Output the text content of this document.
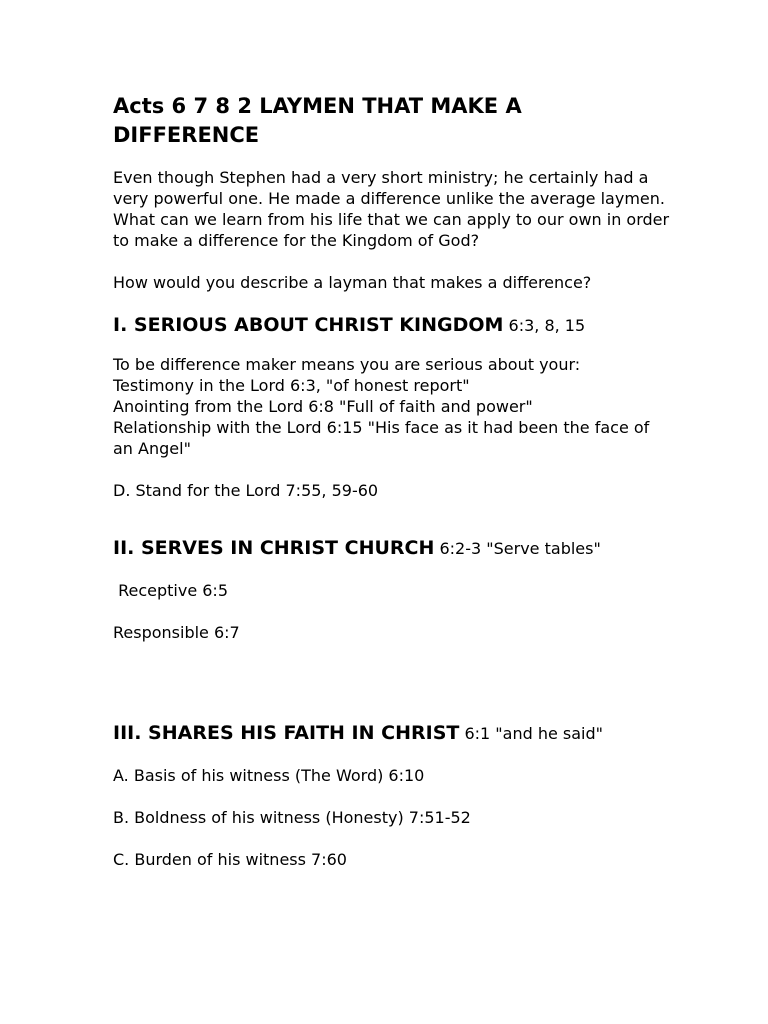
Acts 6 7 8 2 LAYMEN THAT MAKE A DIFFERENCE

Even though Stephen had a very short ministry; he certainly had a very powerful one. He made a difference unlike the average laymen. What can we learn from his life that we can apply to our own in order to make a difference for the Kingdom of God?

How would you describe a layman that makes a difference?

I. SERIOUS ABOUT CHRIST KINGDOM 6:3, 8, 15

To be difference maker means you are serious about your:

Testimony in the Lord 6:3, "of honest report"

Anointing from the Lord 6:8 "Full of faith and power"

Relationship with the Lord 6:15 "His face as it had been the face of an Angel"

D. Stand for the Lord 7:55, 59-60

II. SERVES IN CHRIST CHURCH 6:2-3 "Serve tables"

Receptive 6:5

Responsible 6:7

III. SHARES HIS FAITH IN CHRIST 6:1 "and he said"

A. Basis of his witness (The Word) 6:10

B. Boldness of his witness (Honesty) 7:51-52

C. Burden of his witness 7:60
